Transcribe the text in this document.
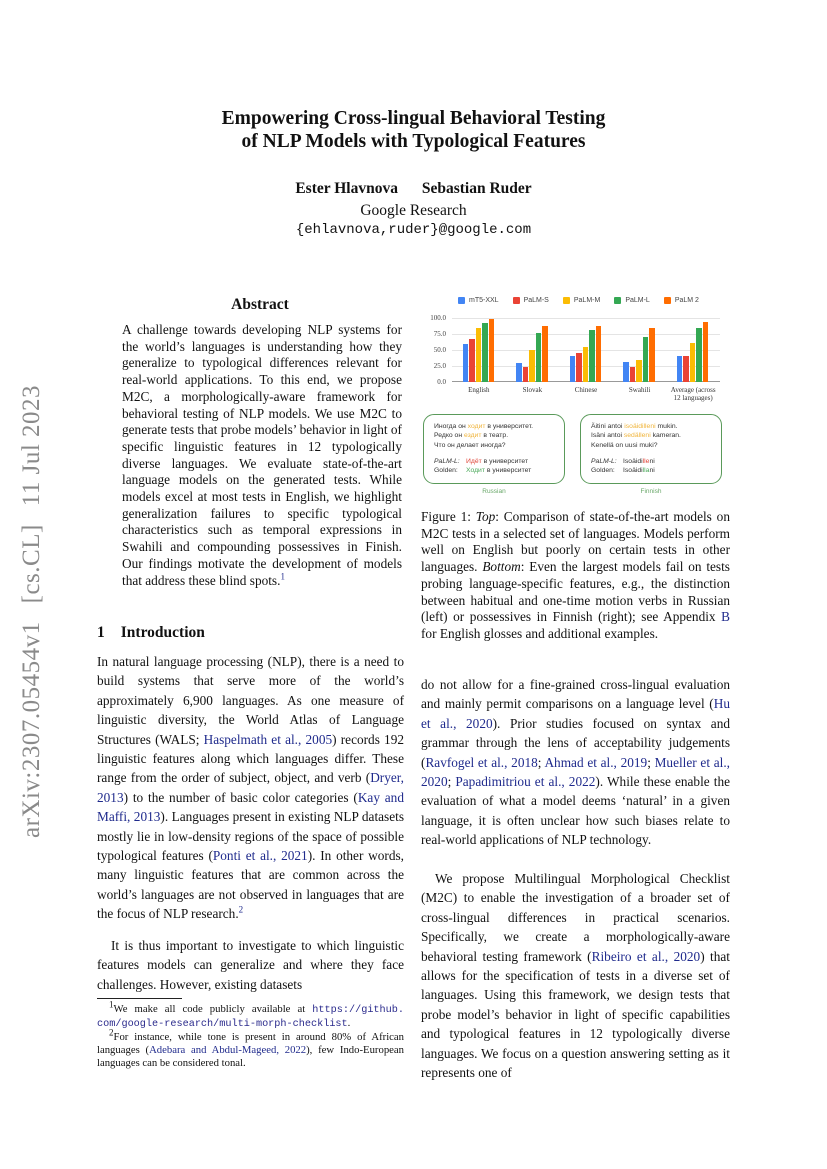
arXiv:2307.05454v1[cs.CL]11 Jul 2023
Empowering Cross-lingual Behavioral Testing
of NLP Models with Typological Features
Ester Hlavnova Sebastian Ruder
Google Research
{ehlavnova,ruder}@google.com
Abstract
A challenge towards developing NLP systems for the world’s languages is understanding how they generalize to typological differences relevant for real-world applications. To this end, we propose M2C, a morphologically-aware framework for behavioral testing of NLP models. We use M2C to generate tests that probe models’ behavior in light of specific linguistic features in 12 typologically diverse languages. We evaluate state-of-the-art language models on the generated tests. While models excel at most tests in English, we highlight generalization failures to specific typological characteristics such as temporal expressions in Swahili and compounding possessives in Finish. Our findings motivate the development of models that address these blind spots.$^1$
mT5-XXL	PaLM-S	PaLM-M	PaLM-L	PaLM 2
0.0
25.0
50.0
75.0
100.0
English	Slovak	Chinese	Swahili	Average (across
12 languages)
Иногда он ходит в университет.
Редко он ездит в театр.
Что он делает иногда?
PaLM-L: Идёт в университет
Golden: Ходит в университет
Russian
Äitini antoi isoäidilleni mukin.
Isäni antoi sedälleni kameran.
Kenellä on uusi muki?
PaLM-L: Isoäidilleni
Golden: Isoäidillani
Finnish
Figure 1: Top: Comparison of state-of-the-art models on M2C tests in a selected set of languages. Models perform well on English but poorly on certain tests in other languages. Bottom: Even the largest models fail on tests probing language-specific features, e.g., the distinction between habitual and one-time motion verbs in Russian (left) or possessives in Finnish (right); see Appendix B for English glosses and additional examples.
1 Introduction
In natural language processing (NLP), there is a need to build systems that serve more of the world’s approximately 6,900 languages. As one measure of linguistic diversity, the World Atlas of Language Structures (WALS; Haspelmath et al., 2005) records 192 linguistic features along which languages differ. These range from the order of subject, object, and verb (Dryer, 2013) to the number of basic color categories (Kay and Maffi, 2013). Languages present in existing NLP datasets mostly lie in low-density regions of the space of possible typological features (Ponti et al., 2021). In other words, many linguistic features that are common across the world’s languages are not observed in languages that are the focus of NLP research.$^2$
It is thus important to investigate to which linguistic features models can generalize and where they face challenges. However, existing datasets

$^1$We make all code publicly available at https://github. com/google-research/multi-morph-checklist.

$^2$For instance, while tone is present in around 80% of African languages (Adebara and Abdul-Mageed, 2022), few Indo-European languages can be considered tonal.

do not allow for a fine-grained cross-lingual evaluation and mainly permit comparisons on a language level (Hu et al., 2020). Prior studies focused on syntax and grammar through the lens of acceptability judgements (Ravfogel et al., 2018; Ahmad et al., 2019; Mueller et al., 2020; Papadimitriou et al., 2022). While these enable the evaluation of what a model deems ‘natural’ in a given language, it is often unclear how such biases relate to real-world applications of NLP technology.
We propose Multilingual Morphological Checklist (M2C) to enable the investigation of a broader set of cross-lingual differences in practical scenarios. Specifically, we create a morphologically-aware behavioral testing framework (Ribeiro et al., 2020) that allows for the specification of tests in a diverse set of languages. Using this framework, we design tests that probe model’s behavior in light of specific capabilities and typological features in 12 typologically diverse languages. We focus on a question answering setting as it represents one of
